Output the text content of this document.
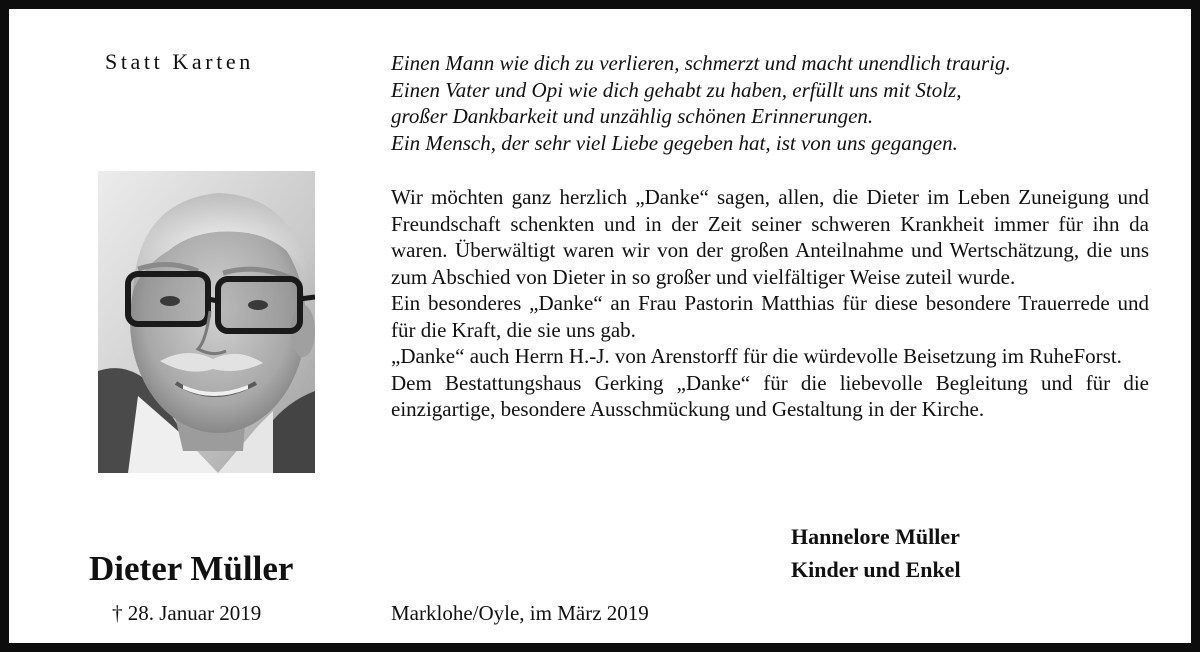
Statt Karten
Dieter Müller
† 28. Januar 2019
Einen Mann wie dich zu verlieren, schmerzt und macht unendlich traurig.
Einen Vater und Opi wie dich gehabt zu haben, erfüllt uns mit Stolz,
großer Dankbarkeit und unzählig schönen Erinnerungen.
Ein Mensch, der sehr viel Liebe gegeben hat, ist von uns gegangen.
Wir möchten ganz herzlich „Danke“ sagen, allen, die Dieter im Leben Zuneigung und Freundschaft schenkten und in der Zeit seiner schweren Krankheit immer für ihn da waren. Überwältigt waren wir von der großen Anteilnahme und Wertschätzung, die uns zum Abschied von Dieter in so großer und vielfältiger Weise zuteil wurde.
Ein besonderes „Danke“ an Frau Pastorin Matthias für diese besondere Trauerrede und für die Kraft, die sie uns gab.
„Danke“ auch Herrn H.-J. von Arenstorff für die würdevolle Beisetzung im RuheForst.
Dem Bestattungshaus Gerking „Danke“ für die liebevolle Begleitung und für die einzigartige, besondere Ausschmückung und Gestaltung in der Kirche.
Hannelore Müller
Kinder und Enkel
Marklohe/Oyle, im März 2019
